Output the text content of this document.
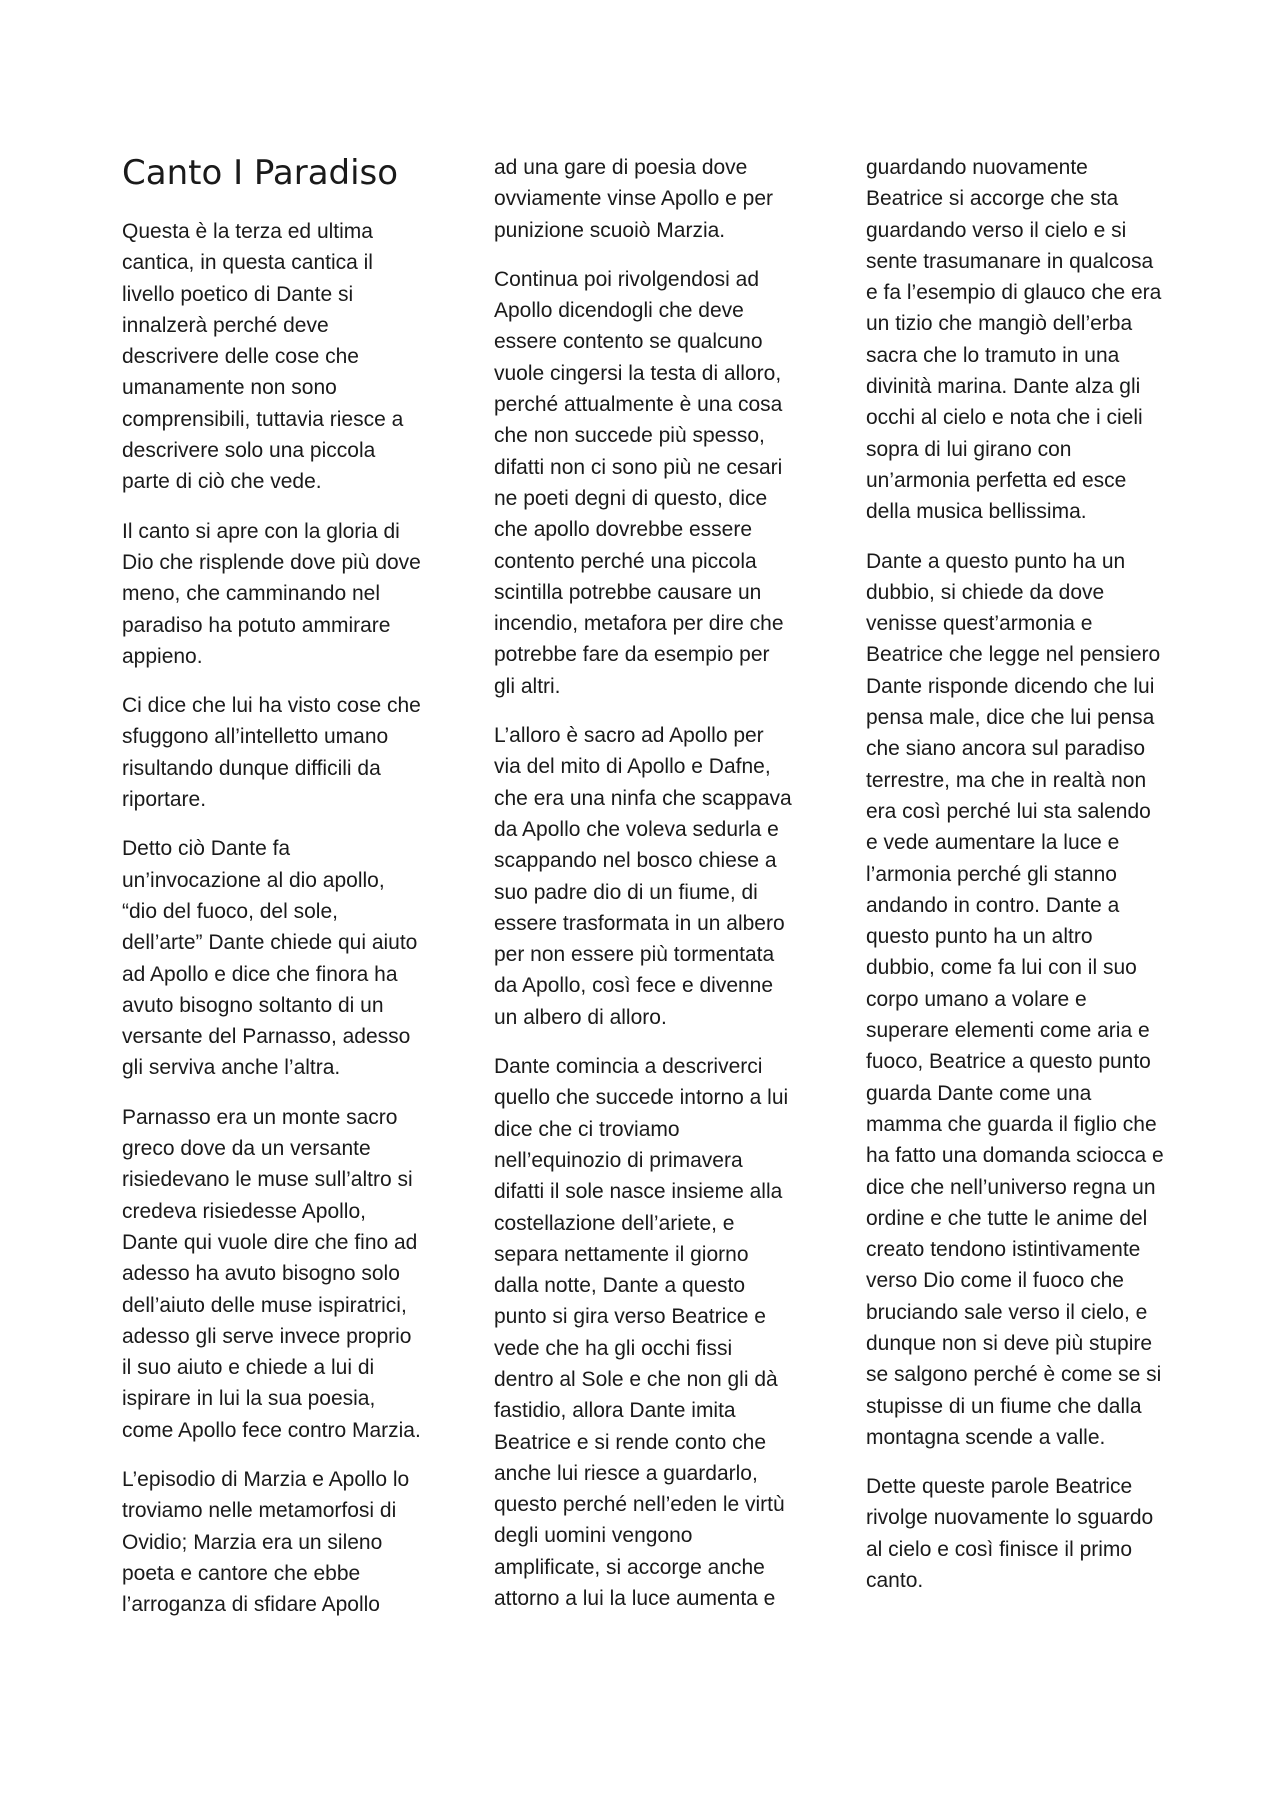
Canto I Paradiso

Questa è la terza ed ultima cantica, in questa cantica il livello poetico di Dante si innalzerà perché deve descrivere delle cose che umanamente non sono comprensibili, tuttavia riesce a descrivere solo una piccola parte di ciò che vede.

Il canto si apre con la gloria di Dio che risplende dove più dove meno, che camminando nel paradiso ha potuto ammirare appieno.

Ci dice che lui ha visto cose che sfuggono all’intelletto umano risultando dunque difficili da riportare.

Detto ciò Dante fa un’invocazione al dio apollo, “dio del fuoco, del sole, dell’arte” Dante chiede qui aiuto ad Apollo e dice che finora ha avuto bisogno soltanto di un versante del Parnasso, adesso gli serviva anche l’altra.

Parnasso era un monte sacro greco dove da un versante risiedevano le muse sull’altro si credeva risiedesse Apollo, Dante qui vuole dire che fino ad adesso ha avuto bisogno solo dell’aiuto delle muse ispiratrici, adesso gli serve invece proprio il suo aiuto e chiede a lui di ispirare in lui la sua poesia, come Apollo fece contro Marzia.

L’episodio di Marzia e Apollo lo troviamo nelle metamorfosi di Ovidio; Marzia era un sileno poeta e cantore che ebbe l’arroganza di sfidare Apollo

ad una gare di poesia dove ovviamente vinse Apollo e per punizione scuoiò Marzia.

Continua poi rivolgendosi ad Apollo dicendogli che deve essere contento se qualcuno vuole cingersi la testa di alloro, perché attualmente è una cosa che non succede più spesso, difatti non ci sono più ne cesari ne poeti degni di questo, dice che apollo dovrebbe essere contento perché una piccola scintilla potrebbe causare un incendio, metafora per dire che potrebbe fare da esempio per gli altri.

L’alloro è sacro ad Apollo per via del mito di Apollo e Dafne, che era una ninfa che scappava da Apollo che voleva sedurla e scappando nel bosco chiese a suo padre dio di un fiume, di essere trasformata in un albero per non essere più tormentata da Apollo, così fece e divenne un albero di alloro.

Dante comincia a descriverci quello che succede intorno a lui dice che ci troviamo nell’equinozio di primavera difatti il sole nasce insieme alla costellazione dell’ariete, e separa nettamente il giorno dalla notte, Dante a questo punto si gira verso Beatrice e vede che ha gli occhi fissi dentro al Sole e che non gli dà fastidio, allora Dante imita Beatrice e si rende conto che anche lui riesce a guardarlo, questo perché nell’eden le virtù degli uomini vengono amplificate, si accorge anche attorno a lui la luce aumenta e

guardando nuovamente Beatrice si accorge che sta guardando verso il cielo e si sente trasumanare in qualcosa e fa l’esempio di glauco che era un tizio che mangiò dell’erba sacra che lo tramuto in una divinità marina. Dante alza gli occhi al cielo e nota che i cieli sopra di lui girano con un’armonia perfetta ed esce della musica bellissima.

Dante a questo punto ha un dubbio, si chiede da dove venisse quest’armonia e Beatrice che legge nel pensiero Dante risponde dicendo che lui pensa male, dice che lui pensa che siano ancora sul paradiso terrestre, ma che in realtà non era così perché lui sta salendo e vede aumentare la luce e l’armonia perché gli stanno andando in contro. Dante a questo punto ha un altro dubbio, come fa lui con il suo corpo umano a volare e superare elementi come aria e fuoco, Beatrice a questo punto guarda Dante come una mamma che guarda il figlio che ha fatto una domanda sciocca e dice che nell’universo regna un ordine e che tutte le anime del creato tendono istintivamente verso Dio come il fuoco che bruciando sale verso il cielo, e dunque non si deve più stupire se salgono perché è come se si stupisse di un fiume che dalla montagna scende a valle.

Dette queste parole Beatrice rivolge nuovamente lo sguardo al cielo e così finisce il primo canto.
